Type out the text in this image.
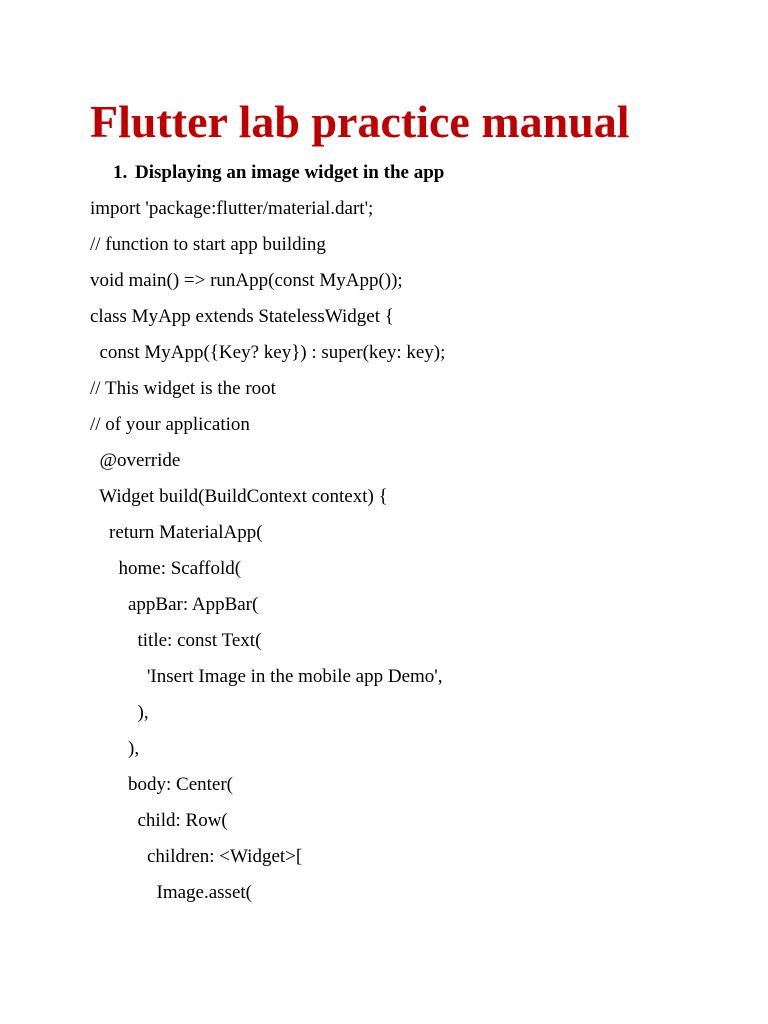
Flutter lab practice manual
1. Displaying an image widget in the app
import 'package:flutter/material.dart';
// function to start app building
void main() => runApp(const MyApp());
class MyApp extends StatelessWidget {
const MyApp({Key? key}) : super(key: key);
// This widget is the root
// of your application
@override
Widget build(BuildContext context) {
return MaterialApp(
home: Scaffold(
appBar: AppBar(
title: const Text(
'Insert Image in the mobile app Demo',
),
),
body: Center(
child: Row(
children: <Widget>[
Image.asset(
